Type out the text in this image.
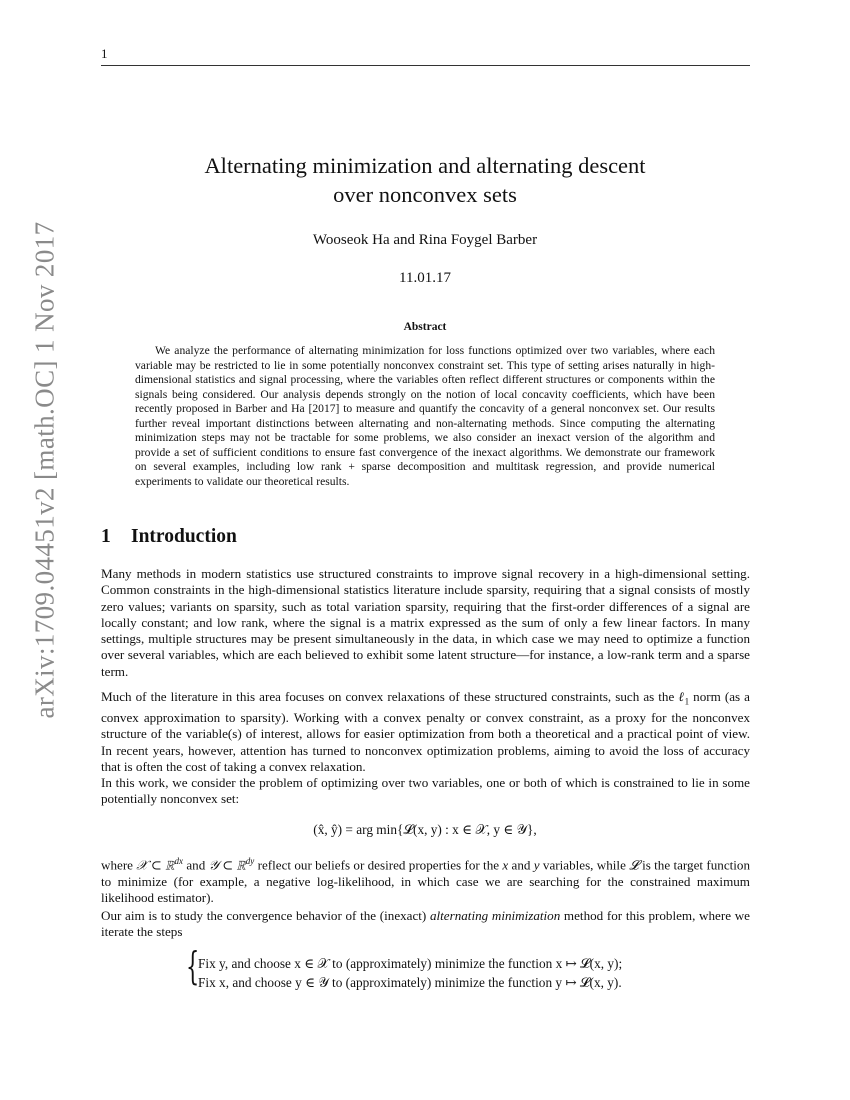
1
arXiv:1709.04451v2 [math.OC] 1 Nov 2017
Alternating minimization and alternating descent
over nonconvex sets
Wooseok Ha and Rina Foygel Barber
11.01.17
Abstract

We analyze the performance of alternating minimization for loss functions optimized over two variables, where each variable may be restricted to lie in some potentially nonconvex constraint set. This type of setting arises naturally in high-dimensional statistics and signal processing, where the variables often reflect different structures or components within the signals being considered. Our analysis depends strongly on the notion of local concavity coefficients, which have been recently proposed in Barber and Ha [2017] to measure and quantify the concavity of a general nonconvex set. Our results further reveal important distinctions between alternating and non-alternating methods. Since computing the alternating minimization steps may not be tractable for some problems, we also consider an inexact version of the algorithm and provide a set of sufficient conditions to ensure fast convergence of the inexact algorithms. We demonstrate our framework on several examples, including low rank + sparse decomposition and multitask regression, and provide numerical experiments to validate our theoretical results.

1 Introduction

Many methods in modern statistics use structured constraints to improve signal recovery in a high-dimensional setting. Common constraints in the high-dimensional statistics literature include sparsity, requiring that a signal consists of mostly zero values; variants on sparsity, such as total variation sparsity, requiring that the first-order differences of a signal are locally constant; and low rank, where the signal is a matrix expressed as the sum of only a few linear factors. In many settings, multiple structures may be present simultaneously in the data, in which case we may need to optimize a function over several variables, which are each believed to exhibit some latent structure—for instance, a low-rank term and a sparse term.

Much of the literature in this area focuses on convex relaxations of these structured constraints, such as the ℓ$_1$ norm (as a convex approximation to sparsity). Working with a convex penalty or convex constraint, as a proxy for the nonconvex structure of the variable(s) of interest, allows for easier optimization from both a theoretical and a practical point of view. In recent years, however, attention has turned to nonconvex optimization problems, aiming to avoid the loss of accuracy that is often the cost of taking a convex relaxation.

In this work, we consider the problem of optimizing over two variables, one or both of which is constrained to lie in some potentially nonconvex set:

(x̂, ŷ) = arg min{𝓛(x, y) : x ∈ 𝒳, y ∈ 𝒴},

where 𝒳 ⊂ ℝ$^{dx}$ and 𝒴 ⊂ ℝ$^{dy}$ reflect our beliefs or desired properties for the x and y variables, while 𝓛 is the target function to minimize (for example, a negative log-likelihood, in which case we are searching for the constrained maximum likelihood estimator).

Our aim is to study the convergence behavior of the (inexact) alternating minimization method for this problem, where we iterate the steps

{
Fix y, and choose x ∈ 𝒳 to (approximately) minimize the function x ↦ 𝓛(x, y);
Fix x, and choose y ∈ 𝒴 to (approximately) minimize the function y ↦ 𝓛(x, y).
